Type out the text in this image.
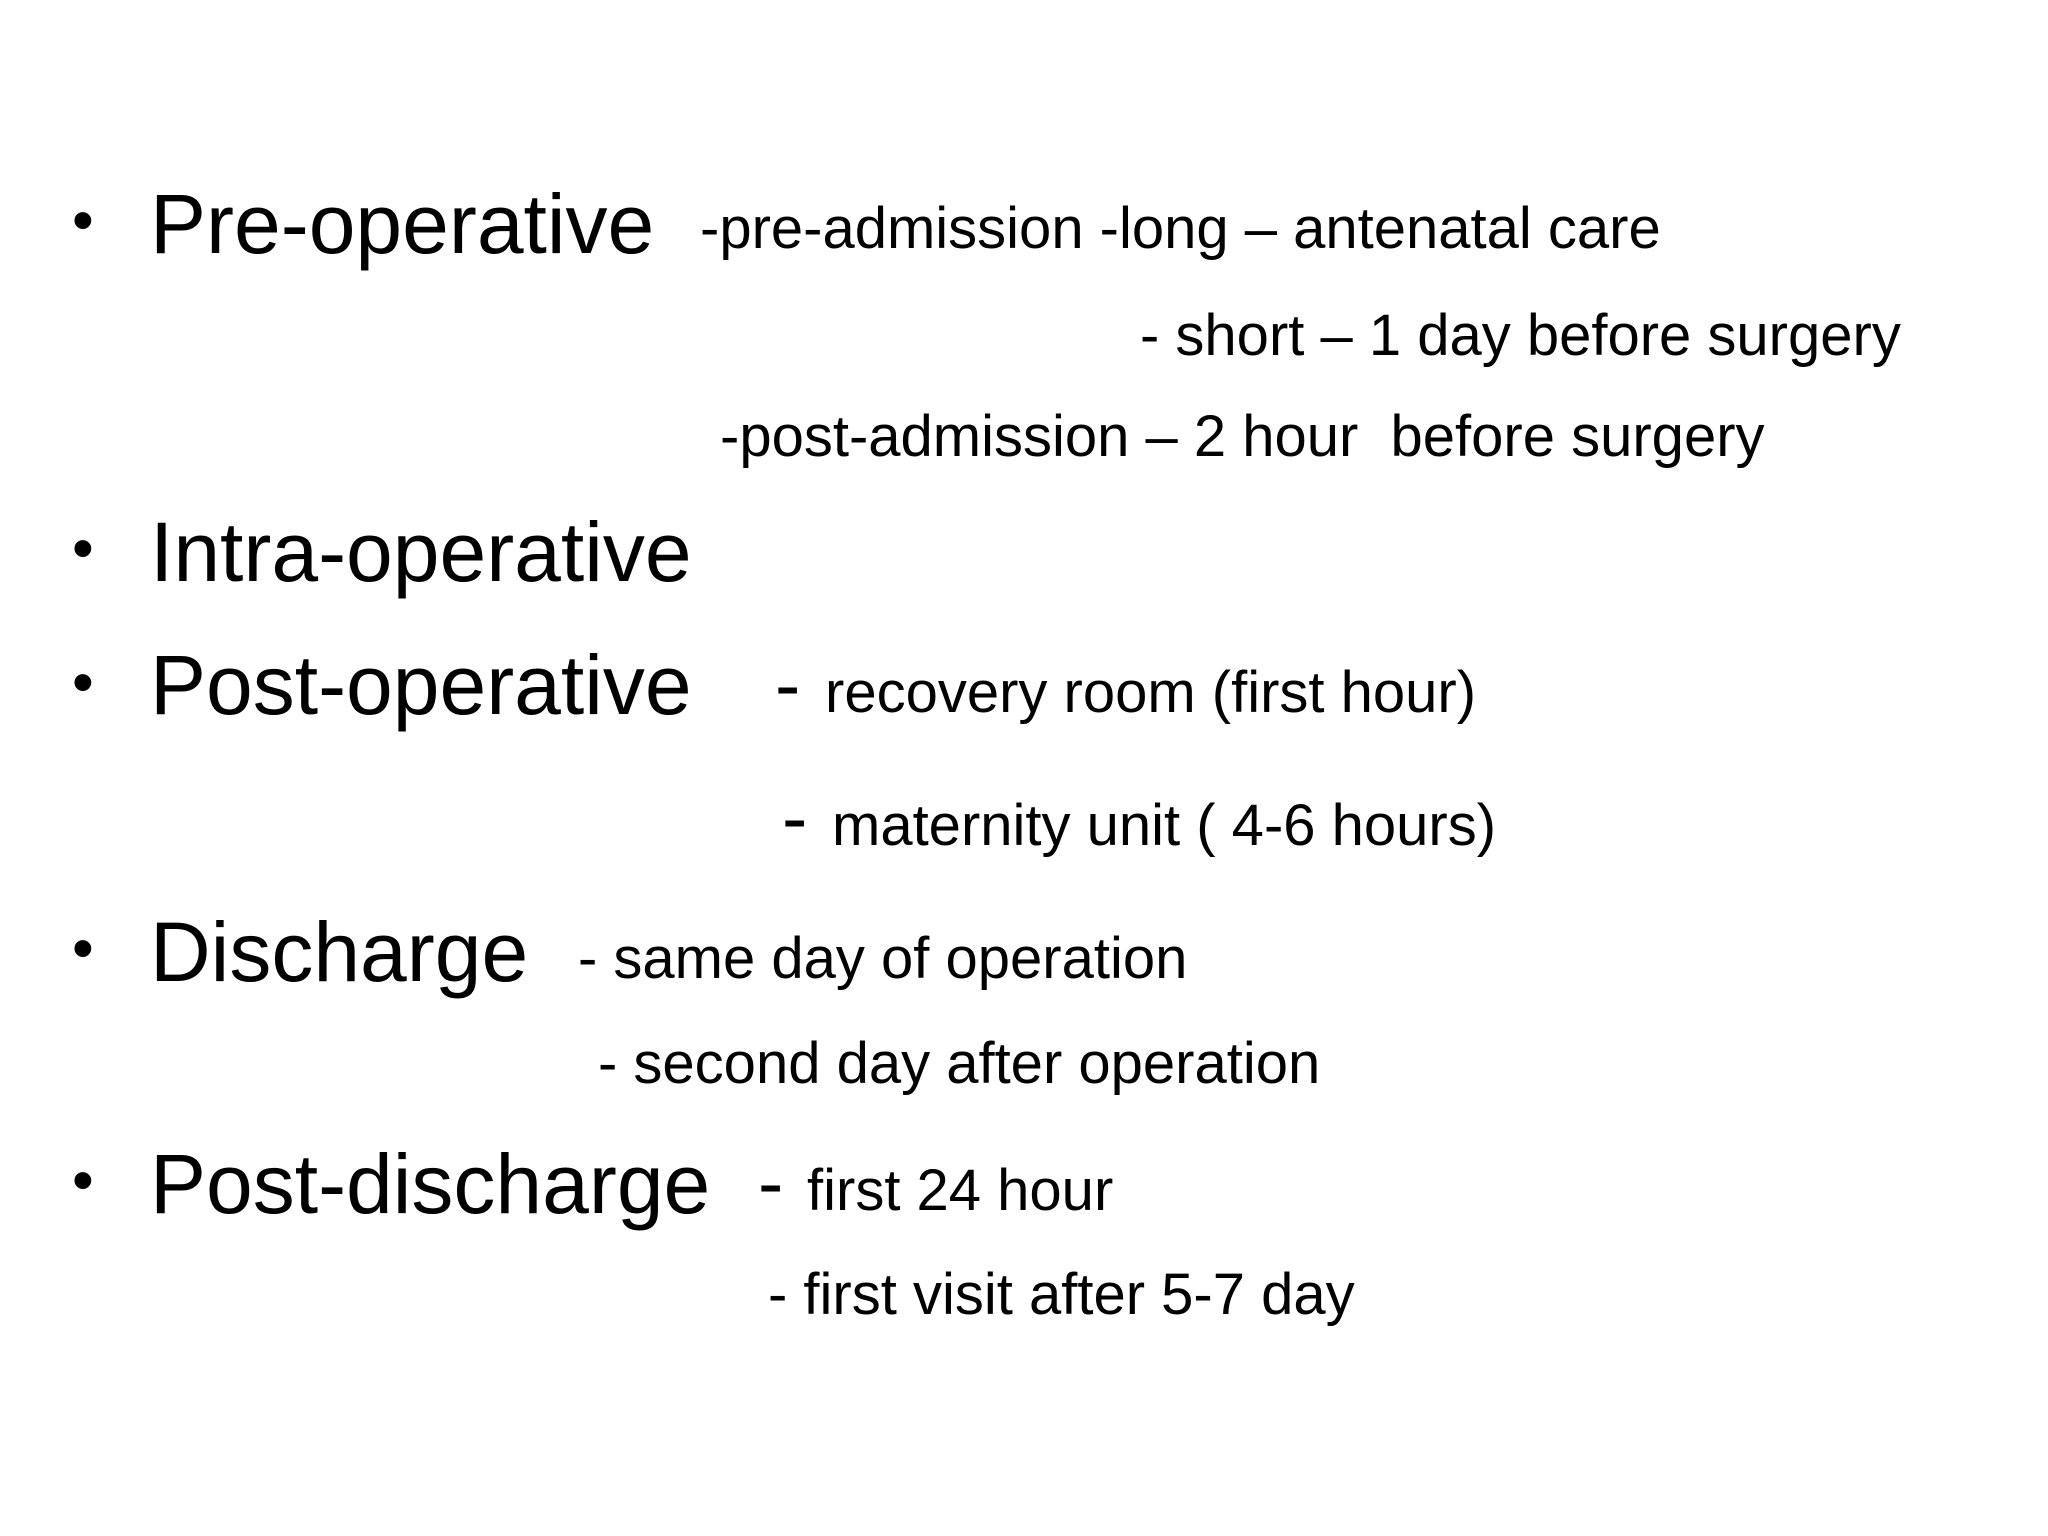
• Pre-operative -pre-admission -long – antenatal care
- short – 1 day before surgery
-post-admission – 2 hour  before surgery
• Intra-operative
• Post-operative - recovery room (first hour)
- maternity unit ( 4-6 hours)
• Discharge - same day of operation
- second day after operation
• Post-discharge - first 24 hour
- first visit after 5-7 day
